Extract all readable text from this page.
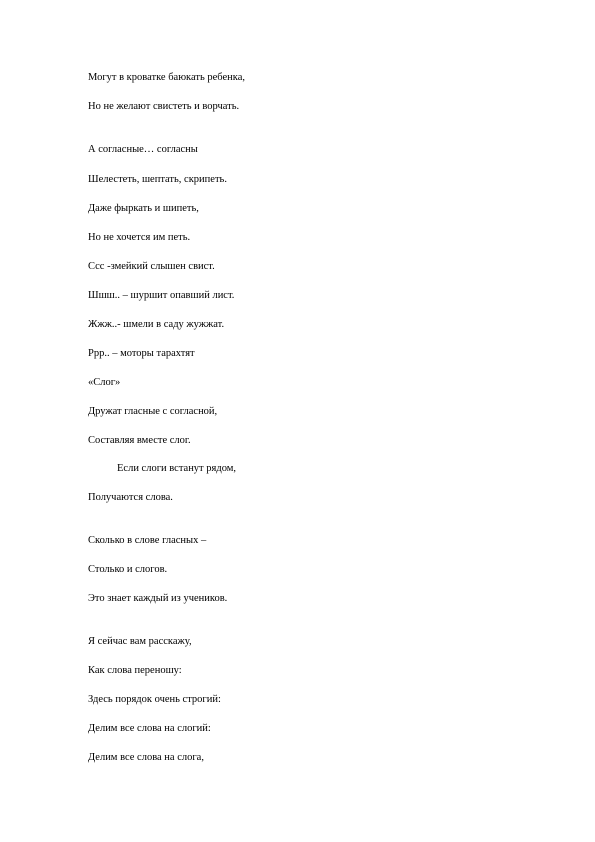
Могут в кроватке баюкать ребенка,
Но не желают свистеть и ворчать.
А согласные… согласны
Шелестеть, шептать, скрипеть.
Даже фыркать и шипеть,
Но не хочется им петь.
Ссс -змейкий слышен свист.
Шшш.. – шуршит опавший лист.
Жжж..- шмели в саду жужжат.
Ррр.. – моторы тарахтят
«Слог»
Дружат гласные с согласной,
Составляя вместе слог.
Если слоги встанут рядом,
Получаются слова.
Сколько в слове гласных –
Столько и слогов.
Это знает каждый из учеников.
Я сейчас вам расскажу,
Как слова переношу:
Здесь порядок очень строгий:
Делим все слова на слогий:
Делим все слова на слога,
